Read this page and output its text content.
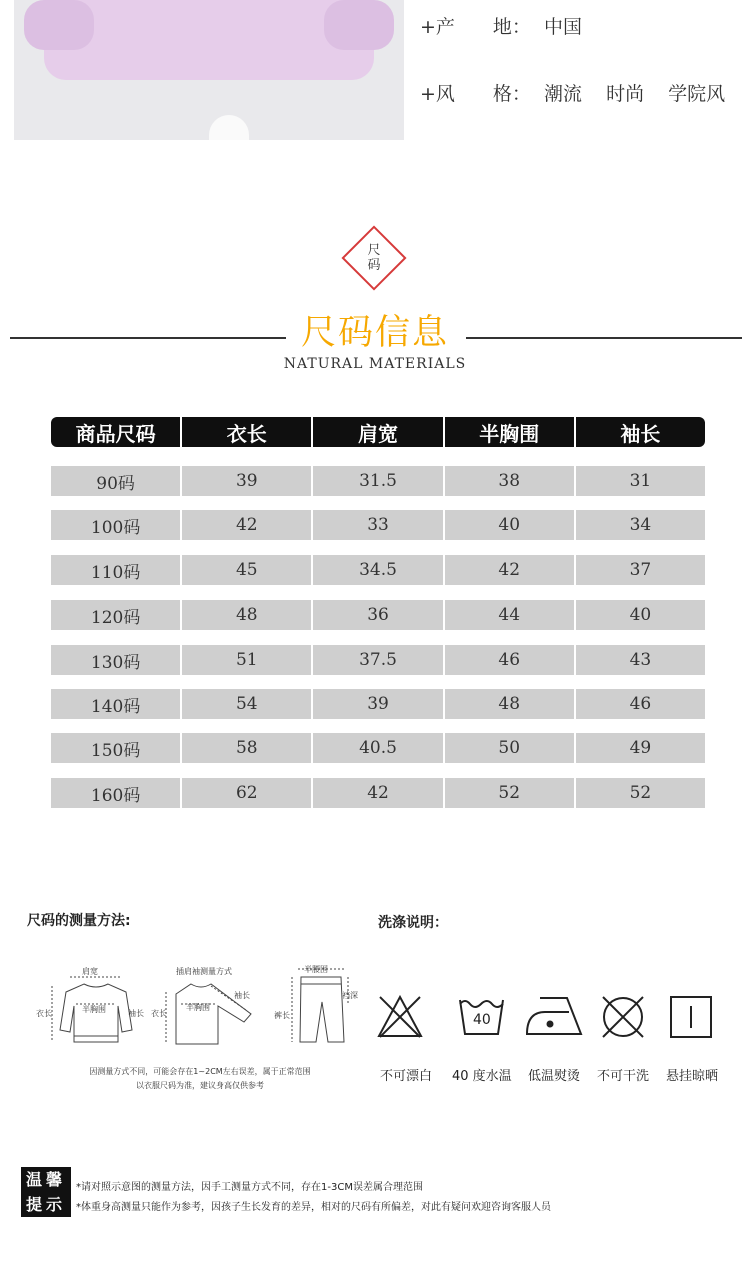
+产　　地： 中国
+风　　格： 潮流 时尚 学院风
尺
码
尺码信息
NATURAL MATERIALS
商品尺码	衣长	肩宽	半胸围	袖长
90码	39	31.5	38	31
100码	42	33	40	34
110码	45	34.5	42	37
120码	48	36	44	40
130码	51	37.5	46	43
140码	54	39	48	46
150码	58	40.5	50	49
160码	62	42	52	52
尺码的测量方法:
肩宽
衣长	半胸围	袖长
插肩袖测量方式
衣长
半胸围
袖长
半腰围
裤长
裆深
因测量方式不同，可能会存在1~2CM左右误差，属于正常范围
以衣服尺码为准，建议身高仅供参考
洗涤说明：
40
不可漂白 40 度水温 低温熨烫 不可干洗 悬挂晾晒
温馨
提示
*请对照示意图的测量方法，因手工测量方式不同，存在1-3CM误差属合理范围
*体重身高测量只能作为参考，因孩子生长发育的差异，相对的尺码有所偏差，对此有疑问欢迎咨询客服人员
